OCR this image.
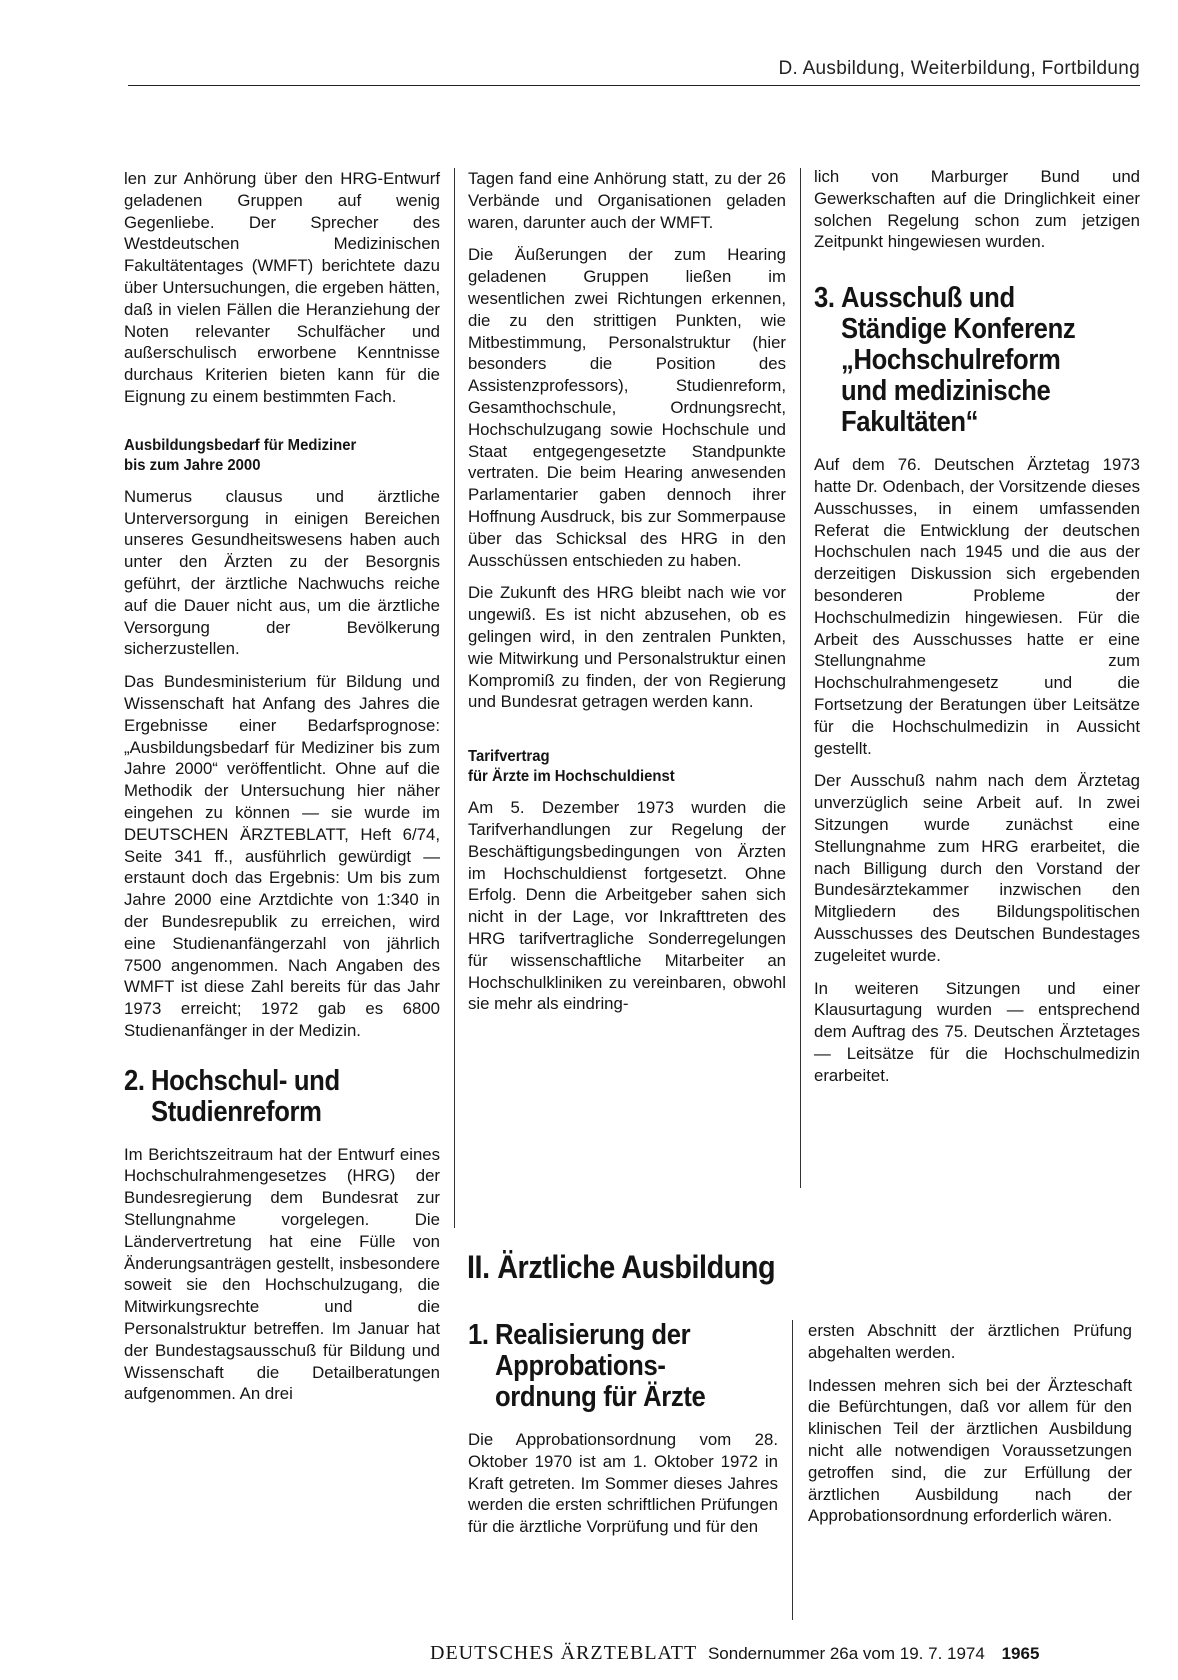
D. Ausbildung, Weiterbildung, Fortbildung

len zur Anhörung über den HRG-Entwurf geladenen Gruppen auf wenig Gegenliebe. Der Sprecher des Westdeutschen Medizinischen Fakultätentages (WMFT) berichtete dazu über Untersuchungen, die ergeben hätten, daß in vielen Fällen die Heranziehung der Noten relevanter Schulfächer und außerschulisch erworbene Kenntnisse durchaus Kriterien bieten kann für die Eignung zu einem bestimmten Fach.

Ausbildungsbedarf für Mediziner
bis zum Jahre 2000

Numerus clausus und ärztliche Unterversorgung in einigen Bereichen unseres Gesundheitswesens haben auch unter den Ärzten zu der Besorgnis geführt, der ärztliche Nachwuchs reiche auf die Dauer nicht aus, um die ärztliche Versorgung der Bevölkerung sicherzustellen.

Das Bundesministerium für Bildung und Wissenschaft hat Anfang des Jahres die Ergebnisse einer Bedarfsprognose: „Ausbildungsbedarf für Mediziner bis zum Jahre 2000“ veröffentlicht. Ohne auf die Methodik der Untersuchung hier näher eingehen zu können — sie wurde im DEUTSCHEN ÄRZTEBLATT, Heft 6/74, Seite 341 ff., ausführlich gewürdigt — erstaunt doch das Ergebnis: Um bis zum Jahre 2000 eine Arztdichte von 1:340 in der Bundesrepublik zu erreichen, wird eine Studienanfängerzahl von jährlich 7500 angenommen. Nach Angaben des WMFT ist diese Zahl bereits für das Jahr 1973 erreicht; 1972 gab es 6800 Studienanfänger in der Medizin.

2. Hochschul- und
Studienreform

Im Berichtszeitraum hat der Entwurf eines Hochschulrahmengesetzes (HRG) der Bundesregierung dem Bundesrat zur Stellungnahme vorgelegen. Die Ländervertretung hat eine Fülle von Änderungsanträgen gestellt, insbesondere soweit sie den Hochschulzugang, die Mitwirkungsrechte und die Personalstruktur betreffen. Im Januar hat der Bundestagsausschuß für Bildung und Wissenschaft die Detailberatungen aufgenommen. An drei

Tagen fand eine Anhörung statt, zu der 26 Verbände und Organisationen geladen waren, darunter auch der WMFT.

Die Äußerungen der zum Hearing geladenen Gruppen ließen im wesentlichen zwei Richtungen erkennen, die zu den strittigen Punkten, wie Mitbestimmung, Personalstruktur (hier besonders die Position des Assistenzprofessors), Studienreform, Gesamthochschule, Ordnungsrecht, Hochschulzugang sowie Hochschule und Staat entgegengesetzte Standpunkte vertraten. Die beim Hearing anwesenden Parlamentarier gaben dennoch ihrer Hoffnung Ausdruck, bis zur Sommerpause über das Schicksal des HRG in den Ausschüssen entschieden zu haben.

Die Zukunft des HRG bleibt nach wie vor ungewiß. Es ist nicht abzusehen, ob es gelingen wird, in den zentralen Punkten, wie Mitwirkung und Personalstruktur einen Kompromiß zu finden, der von Regierung und Bundesrat getragen werden kann.

Tarifvertrag
für Ärzte im Hochschuldienst

Am 5. Dezember 1973 wurden die Tarifverhandlungen zur Regelung der Beschäftigungsbedingungen von Ärzten im Hochschuldienst fortgesetzt. Ohne Erfolg. Denn die Arbeitgeber sahen sich nicht in der Lage, vor Inkrafttreten des HRG tarifvertragliche Sonderregelungen für wissenschaftliche Mitarbeiter an Hochschulkliniken zu vereinbaren, obwohl sie mehr als eindring-

lich von Marburger Bund und Gewerkschaften auf die Dringlichkeit einer solchen Regelung schon zum jetzigen Zeitpunkt hingewiesen wurden.

3. Ausschuß und
Ständige Konferenz
„Hochschulreform
und medizinische
Fakultäten“

Auf dem 76. Deutschen Ärztetag 1973 hatte Dr. Odenbach, der Vorsitzende dieses Ausschusses, in einem umfassenden Referat die Entwicklung der deutschen Hochschulen nach 1945 und die aus der derzeitigen Diskussion sich ergebenden besonderen Probleme der Hochschulmedizin hingewiesen. Für die Arbeit des Ausschusses hatte er eine Stellungnahme zum Hochschulrahmengesetz und die Fortsetzung der Beratungen über Leitsätze für die Hochschulmedizin in Aussicht gestellt.

Der Ausschuß nahm nach dem Ärztetag unverzüglich seine Arbeit auf. In zwei Sitzungen wurde zunächst eine Stellungnahme zum HRG erarbeitet, die nach Billigung durch den Vorstand der Bundesärztekammer inzwischen den Mitgliedern des Bildungspolitischen Ausschusses des Deutschen Bundestages zugeleitet wurde.

In weiteren Sitzungen und einer Klausurtagung wurden — entsprechend dem Auftrag des 75. Deutschen Ärztetages — Leitsätze für die Hochschulmedizin erarbeitet.

II. Ärztliche Ausbildung
1. Realisierung der
Approbations-
ordnung für Ärzte

Die Approbationsordnung vom 28. Oktober 1970 ist am 1. Oktober 1972 in Kraft getreten. Im Sommer dieses Jahres werden die ersten schriftlichen Prüfungen für die ärztliche Vorprüfung und für den

ersten Abschnitt der ärztlichen Prüfung abgehalten werden.

Indessen mehren sich bei der Ärzteschaft die Befürchtungen, daß vor allem für den klinischen Teil der ärztlichen Ausbildung nicht alle notwendigen Voraussetzungen getroffen sind, die zur Erfüllung der ärztlichen Ausbildung nach der Approbationsordnung erforderlich wären.

DEUTSCHES ÄRZTEBLATT Sondernummer 26a vom 19. 7. 1974 1965
